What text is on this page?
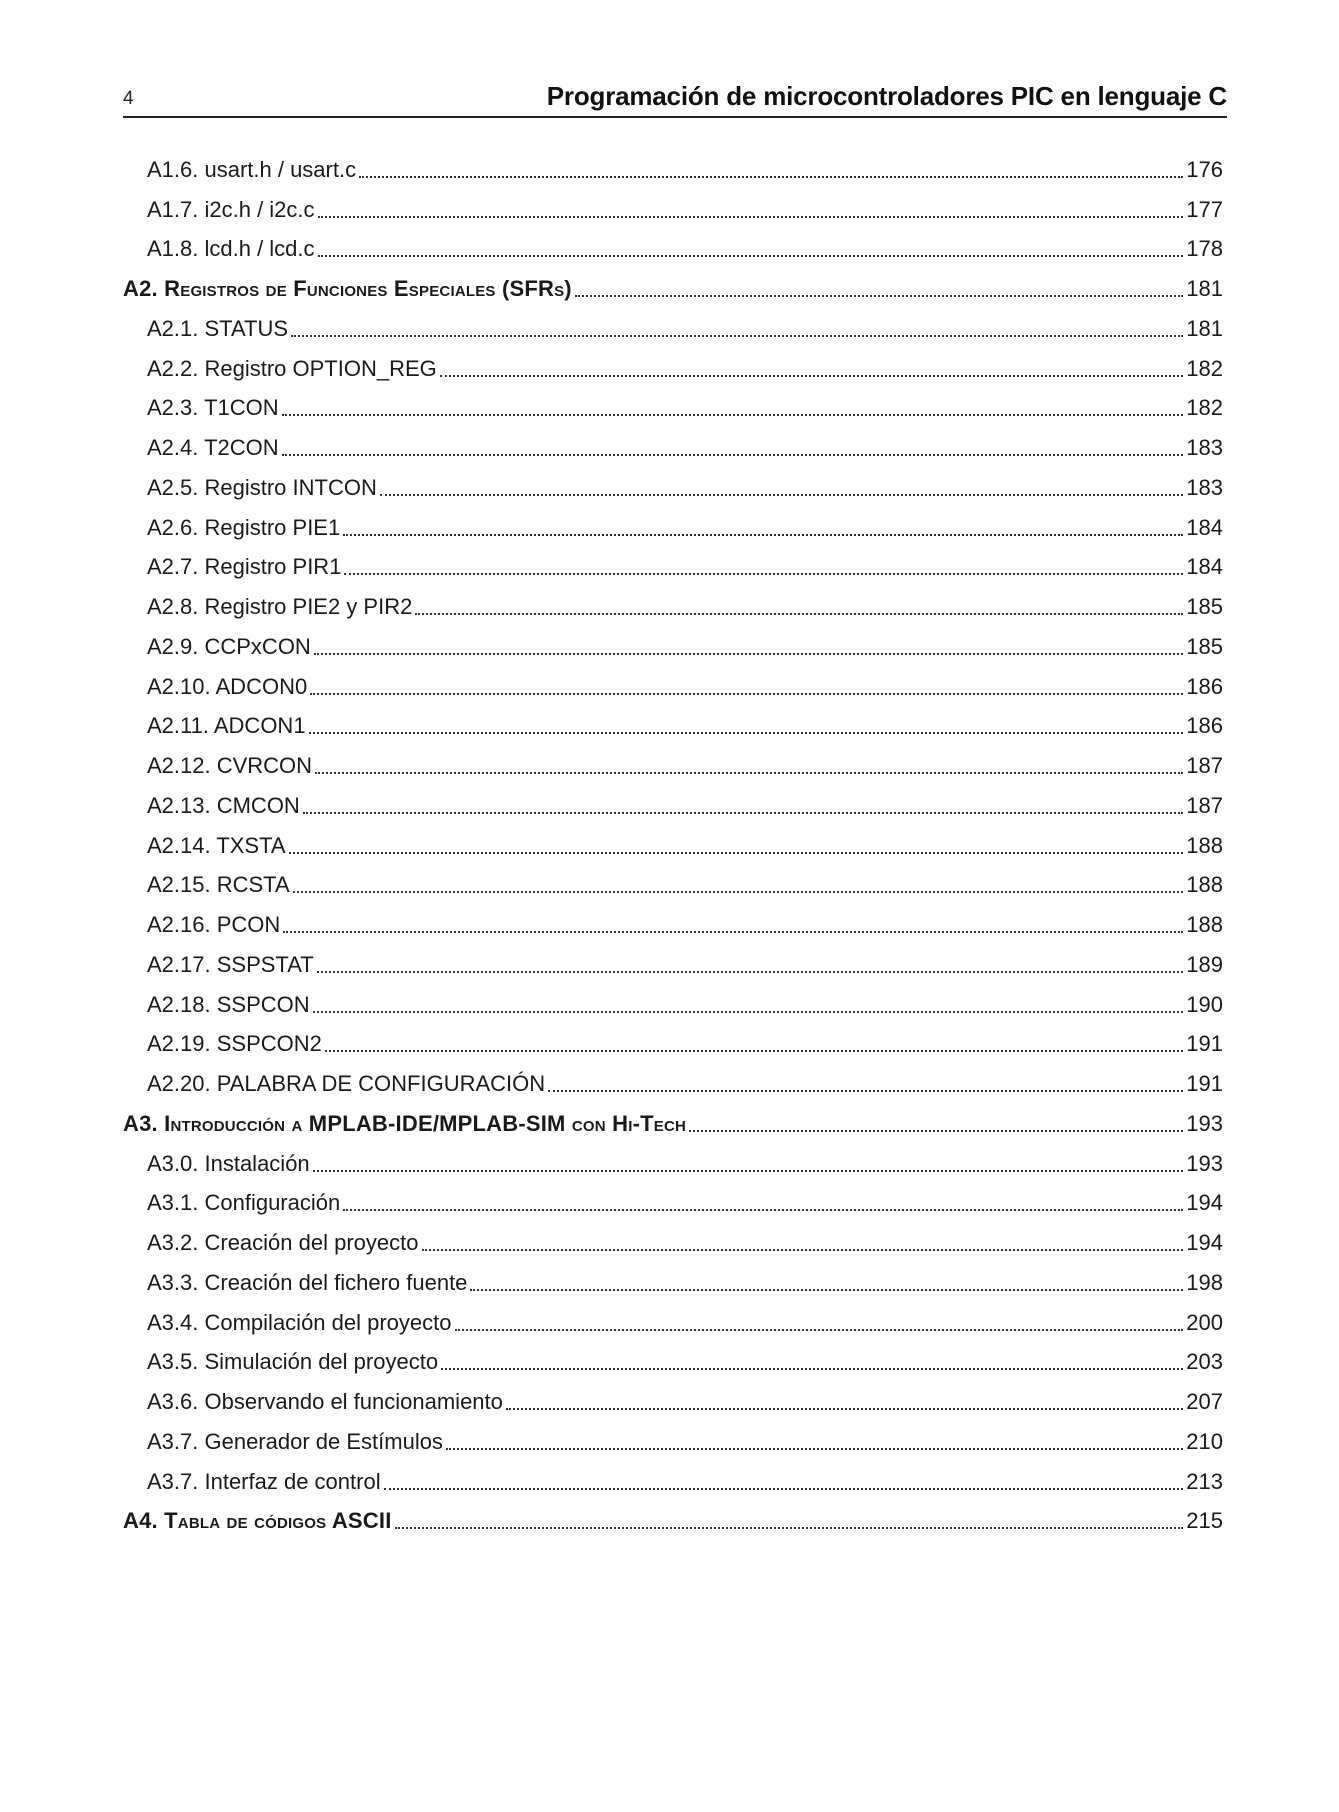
4	Programación de microcontroladores PIC en lenguaje C
A1.6. usart.h / usart.c	176
A1.7. i2c.h / i2c.c	177
A1.8. lcd.h / lcd.c	178
A2. Registros de Funciones Especiales (SFRs)	181
A2.1. STATUS	181
A2.2. Registro OPTION_REG	182
A2.3. T1CON	182
A2.4. T2CON	183
A2.5. Registro INTCON	183
A2.6. Registro PIE1	184
A2.7. Registro PIR1	184
A2.8. Registro PIE2 y PIR2	185
A2.9. CCPxCON	185
A2.10. ADCON0	186
A2.11. ADCON1	186
A2.12. CVRCON	187
A2.13. CMCON	187
A2.14. TXSTA	188
A2.15. RCSTA	188
A2.16. PCON	188
A2.17. SSPSTAT	189
A2.18. SSPCON	190
A2.19. SSPCON2	191
A2.20. PALABRA DE CONFIGURACIÓN	191
A3. Introducción a MPLAB-IDE/MPLAB-SIM con Hi-Tech	193
A3.0. Instalación	193
A3.1. Configuración	194
A3.2. Creación del proyecto	194
A3.3. Creación del fichero fuente	198
A3.4. Compilación del proyecto	200
A3.5. Simulación del proyecto	203
A3.6. Observando el funcionamiento	207
A3.7. Generador de Estímulos	210
A3.7. Interfaz de control	213
A4. Tabla de códigos ASCII	215
